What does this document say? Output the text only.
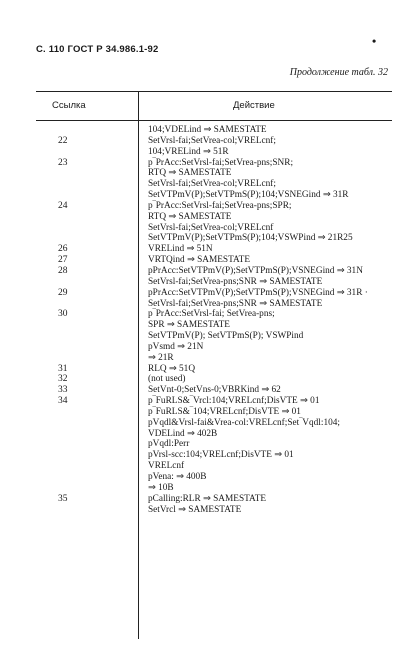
С. 110 ГОСТ Р 34.986.1-92
•
Продолжение табл. 32
Ссылка	Действие
104;VDELind ⇒ SAMESTATE
22	SetVrsl-fai;SetVrea-col;VRELcnf;
104;VRELind ⇒ 51R
23	p‾PrAcc:SetVrsl-fai;SetVrea-pns;SNR;
RTQ ⇒ SAMESTATE
SetVrsl-fai;SetVrea-col;VRELcnf;
SetVTPmV(P);SetVTPmS(P);104;VSNEGind ⇒ 31R
24	p‾PrAcc:SetVrsl-fai;SetVrea-pns;SPR;
RTQ ⇒ SAMESTATE
SetVrsl-fai;SetVrea-col;VRELcnf
SetVTPmV(P);SetVTPmS(P);104;VSWPind ⇒ 21R25
26	VRELind ⇒ 51N
27	VRTQind ⇒ SAMESTATE
28	pPrAcc:SetVTPmV(P);SetVTPmS(P);VSNEGind ⇒ 31N
SetVrsl-fai;SetVrea-pns;SNR ⇒ SAMESTATE
29	pPrAcc:SetVTPmV(P);SetVTPmS(P);VSNEGind ⇒ 31R ·
SetVrsl-fai;SetVrea-pns;SNR ⇒ SAMESTATE
30	p‾PrAcc:SetVrsl-fai; SetVrea-pns;
SPR ⇒ SAMESTATE
SetVTPmV(P); SetVTPmS(P); VSWPind
pVsmd ⇒ 21N
⇒ 21R
31	RLQ ⇒ 51Q
32	(not used)
33	SetVnt-0;SetVns-0;VBRKind ⇒ 62
34	p‾FuRLS&‾Vrcl:104;VRELcnf;DisVTE ⇒ 01
p‾FuRLS&‾104;VRELcnf;DisVTE ⇒ 01
pVqdl&Vrsl-fai&Vrea-col:VRELcnf;Set‾Vqdl:104;
VDELind ⇒ 402B
pVqdl:Perr
pVrsl-scc:104;VRELcnf;DisVTE ⇒ 01
VRELcnf
pVena: ⇒ 400B
⇒ 10B
35	pCalling:RLR ⇒ SAMESTATE
SetVrcl ⇒ SAMESTATE
